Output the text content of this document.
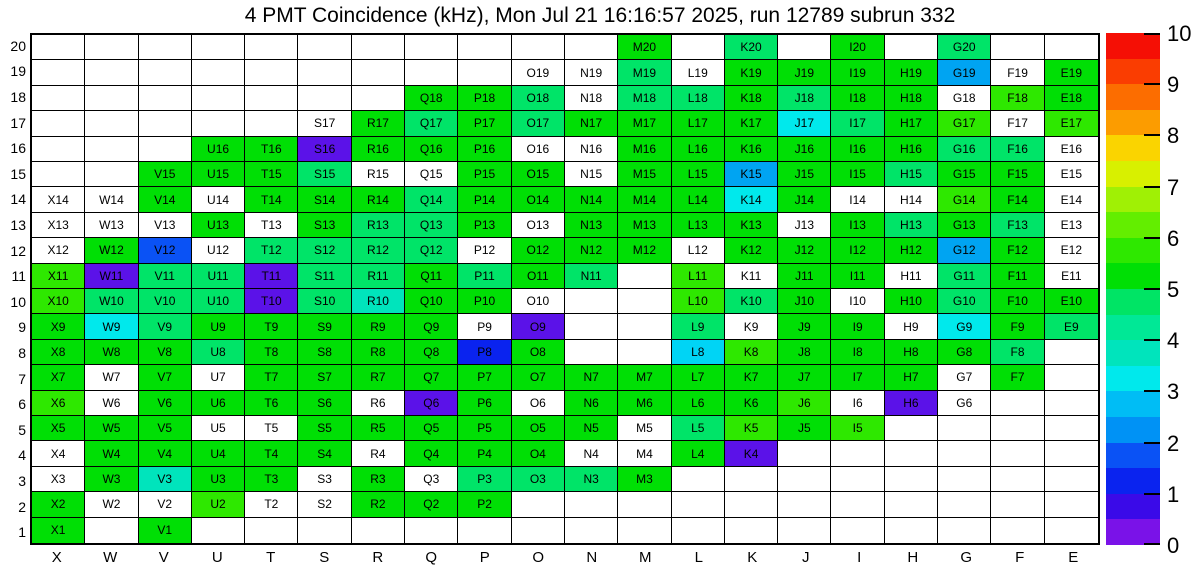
4 PMT Coincidence (kHz), Mon Jul 21 16:16:57 2025, run 12789 subrun 332
20
19
18
17
16
15
14
13
12
11
10
9
8
7
6
5
4
3
2
1
M20	K20	I20	G20
O19	N19	M19	L19	K19	J19	I19	H19	G19	F19	E19
Q18	P18	O18	N18	M18	L18	K18	J18	I18	H18	G18	F18	E18
S17	R17	Q17	P17	O17	N17	M17	L17	K17	J17	I17	H17	G17	F17	E17
U16	T16	S16	R16	Q16	P16	O16	N16	M16	L16	K16	J16	I16	H16	G16	F16	E16
V15	U15	T15	S15	R15	Q15	P15	O15	N15	M15	L15	K15	J15	I15	H15	G15	F15	E15
X14	W14	V14	U14	T14	S14	R14	Q14	P14	O14	N14	M14	L14	K14	J14	I14	H14	G14	F14	E14
X13	W13	V13	U13	T13	S13	R13	Q13	P13	O13	N13	M13	L13	K13	J13	I13	H13	G13	F13	E13
X12	W12	V12	U12	T12	S12	R12	Q12	P12	O12	N12	M12	L12	K12	J12	I12	H12	G12	F12	E12
X11	W11	V11	U11	T11	S11	R11	Q11	P11	O11	N11	L11	K11	J11	I11	H11	G11	F11	E11
X10	W10	V10	U10	T10	S10	R10	Q10	P10	O10	L10	K10	J10	I10	H10	G10	F10	E10
X9	W9	V9	U9	T9	S9	R9	Q9	P9	O9	L9	K9	J9	I9	H9	G9	F9	E9
X8	W8	V8	U8	T8	S8	R8	Q8	P8	O8	L8	K8	J8	I8	H8	G8	F8
X7	W7	V7	U7	T7	S7	R7	Q7	P7	O7	N7	M7	L7	K7	J7	I7	H7	G7	F7
X6	W6	V6	U6	T6	S6	R6	Q6	P6	O6	N6	M6	L6	K6	J6	I6	H6	G6
X5	W5	V5	U5	T5	S5	R5	Q5	P5	O5	N5	M5	L5	K5	J5	I5
X4	W4	V4	U4	T4	S4	R4	Q4	P4	O4	N4	M4	L4	K4
X3	W3	V3	U3	T3	S3	R3	Q3	P3	O3	N3	M3
X2	W2	V2	U2	T2	S2	R2	Q2	P2
X1	V1
X	W	V	U	T	S	R	Q	P	O	N	M	L	K	J	I	H	G	F	E
10
9
8
7
6
5
4
3
2
1
0
